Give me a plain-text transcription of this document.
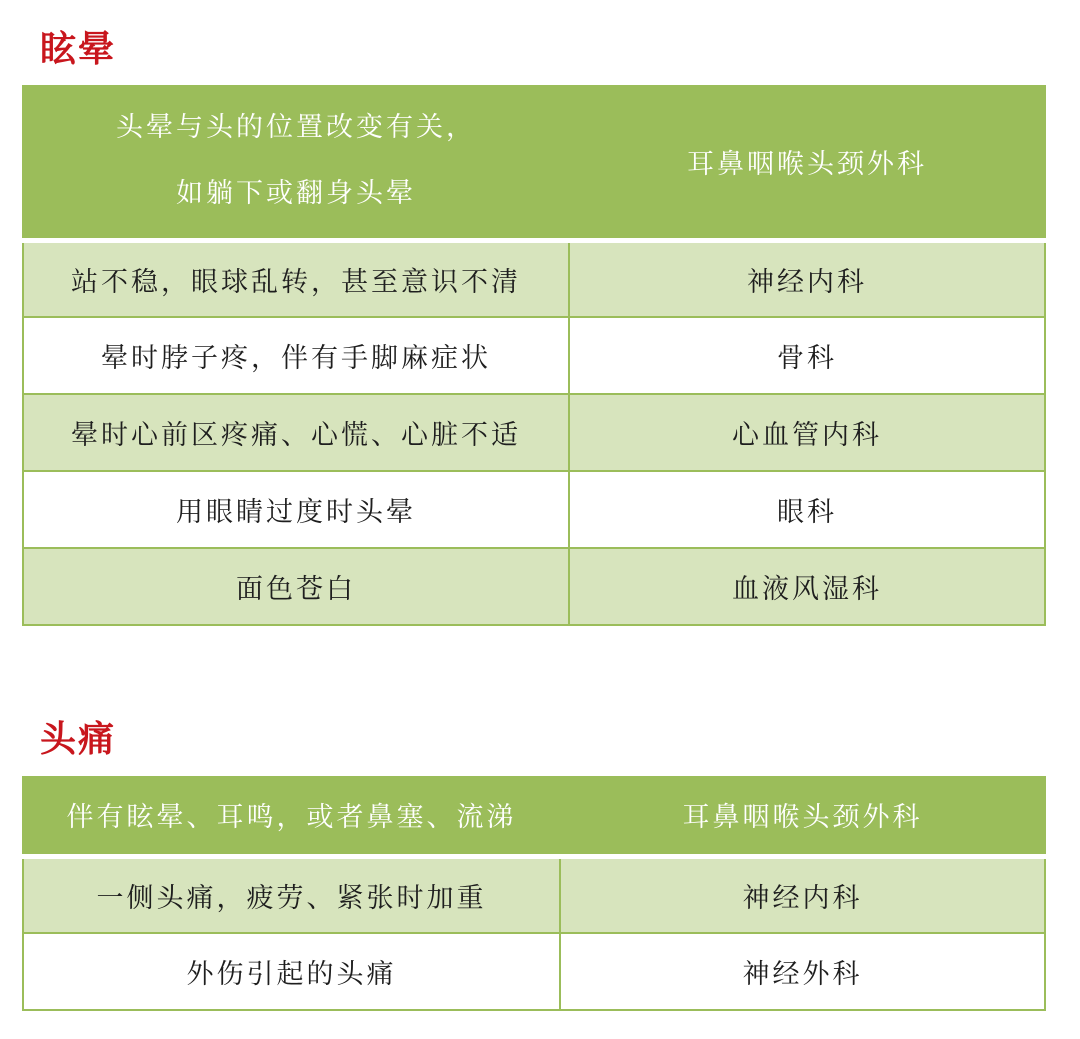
眩晕
头晕与头的位置改变有关，
如躺下或翻身头晕	耳鼻咽喉头颈外科
站不稳，眼球乱转，甚至意识不清	神经内科
晕时脖子疼，伴有手脚麻症状	骨科
晕时心前区疼痛、心慌、心脏不适	心血管内科
用眼睛过度时头晕	眼科
面色苍白	血液风湿科
头痛
伴有眩晕、耳鸣，或者鼻塞、流涕	耳鼻咽喉头颈外科
一侧头痛，疲劳、紧张时加重	神经内科
外伤引起的头痛	神经外科
